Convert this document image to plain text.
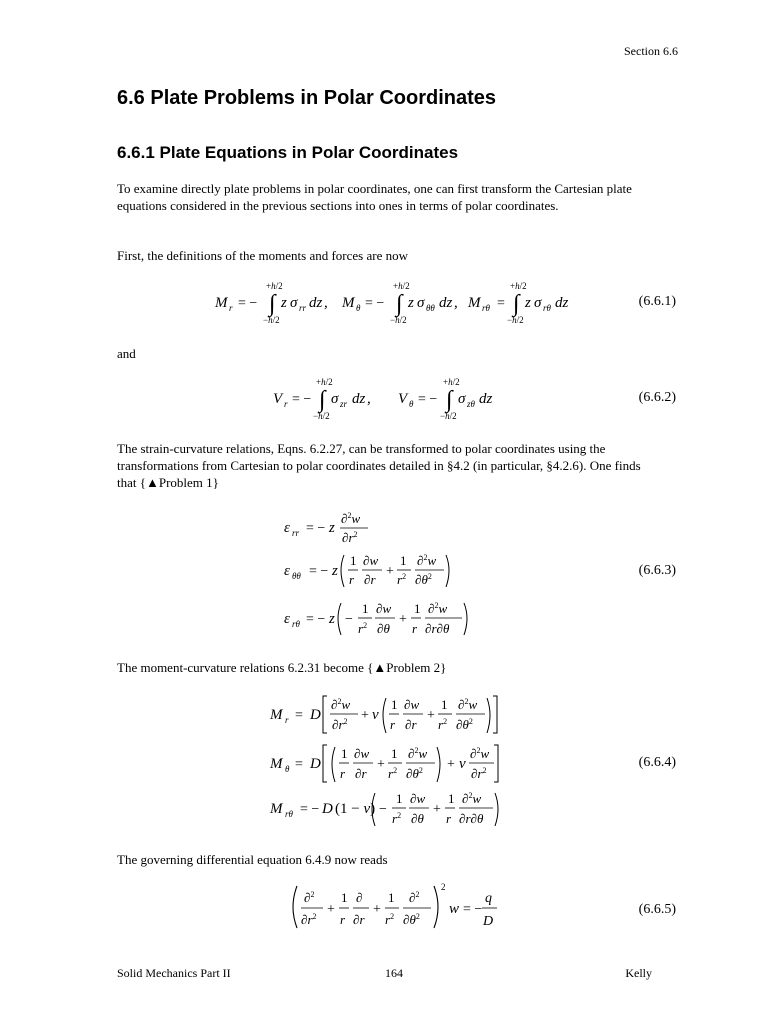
Section 6.6
6.6 Plate Problems in Polar Coordinates
6.6.1 Plate Equations in Polar Coordinates
To examine directly plate problems in polar coordinates, one can first transform the Cartesian plate equations considered in the previous sections into ones in terms of polar coordinates.
First, the definitions of the moments and forces are now
M r = −
+h/2
∫
−h/2
z σ rr dz , M θ = −
+h/2
∫
−h/2
z σ θθ dz , M rθ =
+h/2
∫
−h/2
z σ rθ dz	(6.6.1)
and
V r = −
+h/2
∫
−h/2
σ zr dz , V θ = −
+h/2
∫
−h/2
σ zθ dz	(6.6.2)
The strain-curvature relations, Eqns. 6.2.27, can be transformed to polar coordinates using the transformations from Cartesian to polar coordinates detailed in §4.2 (in particular, §4.2.6). One finds that {▲Problem 1}
ε rr = − z
∂$^2$w
$\partial r^2$
ε θθ = − z
1
r
∂w
∂r
+
1
$r^2$
∂$^2$w
$\partial\theta^2$
ε rθ = − z −
1
$r^2$
∂w
∂θ
+
1
r
∂$^2$w
∂r∂θ
(6.6.3)
The moment-curvature relations 6.2.31 become {▲Problem 2}
M r = D
∂$^2$w
$\partial r^2 + \nu$
1
r
∂w
∂r
+
1
$r^2$
∂$^2$w
$\partial\theta^2$
M θ = D
1
r
∂w
∂r
+
1
$r^2$
∂$^2$w
$\partial\theta^2 + \nu$
∂$^2$w
$\partial r^2$
M rθ = − D (1 − ν) −
1
$r^2$
∂w
∂θ
+
1
r
∂$^2$w
∂r∂θ
(6.6.4)
The governing differential equation 6.4.9 now reads
∂$^2$
$\partial r^2$ +
1
r
∂
∂r
+
1
$r^2$
∂$^2$
$\partial\theta^2$
2
w = −
q
D
(6.6.5)
Solid Mechanics Part II	164	Kelly
